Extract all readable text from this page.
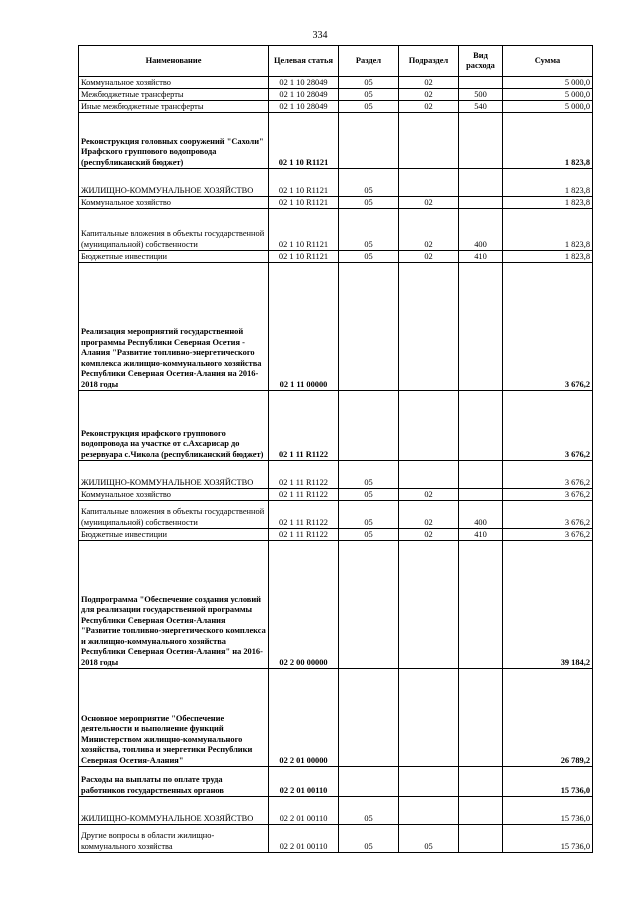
334
Наименование	Целевая статья	Раздел	Подраздел	Вид расхода	Сумма
Коммунальное хозяйство	02 1 10 28049	05	02		5 000,0
Межбюджетные трансферты	02 1 10 28049	05	02	500	5 000,0
Иные межбюджетные трансферты	02 1 10 28049	05	02	540	5 000,0
Реконструкция головных сооружений "Сахоли" Ирафского группового водопровода (республиканский бюджет)	02 1 10 R1121				1 823,8
ЖИЛИЩНО-КОММУНАЛЬНОЕ ХОЗЯЙСТВО	02 1 10 R1121	05			1 823,8
Коммунальное хозяйство	02 1 10 R1121	05	02		1 823,8
Капитальные вложения в объекты государственной (муниципальной) собственности	02 1 10 R1121	05	02	400	1 823,8
Бюджетные инвестиции	02 1 10 R1121	05	02	410	1 823,8
Реализация мероприятий государственной программы Республики Северная Осетия - Алания "Развитие топливно-энергетического комплекса жилищно-коммунального хозяйства Республики Северная Осетия-Алания на 2016-2018 годы	02 1 11 00000				3 676,2
Реконструкция ирафского группового водопровода на участке от с.Ахсарисар до резервуара с.Чикола (республиканский бюджет)	02 1 11 R1122				3 676,2
ЖИЛИЩНО-КОММУНАЛЬНОЕ ХОЗЯЙСТВО	02 1 11 R1122	05			3 676,2
Коммунальное хозяйство	02 1 11 R1122	05	02		3 676,2
Капитальные вложения в объекты государственной (муниципальной) собственности	02 1 11 R1122	05	02	400	3 676,2
Бюджетные инвестиции	02 1 11 R1122	05	02	410	3 676,2
Подпрограмма "Обеспечение создания условий для реализации государственной программы Республики Северная Осетия-Алания "Развитие топливно-энергетического комплекса и жилищно-коммунального хозяйства Республики Северная Осетия-Алания" на 2016-2018 годы	02 2 00 00000				39 184,2
Основное мероприятие "Обеспечение деятельности и выполнение функций Министерством жилищно-коммунального хозяйства, топлива и энергетики Республики Северная Осетия-Алания"	02 2 01 00000				26 789,2
Расходы на выплаты по оплате труда работников государственных органов	02 2 01 00110				15 736,0
ЖИЛИЩНО-КОММУНАЛЬНОЕ ХОЗЯЙСТВО	02 2 01 00110	05			15 736,0
Другие вопросы в области жилищно-коммунального хозяйства	02 2 01 00110	05	05		15 736,0
